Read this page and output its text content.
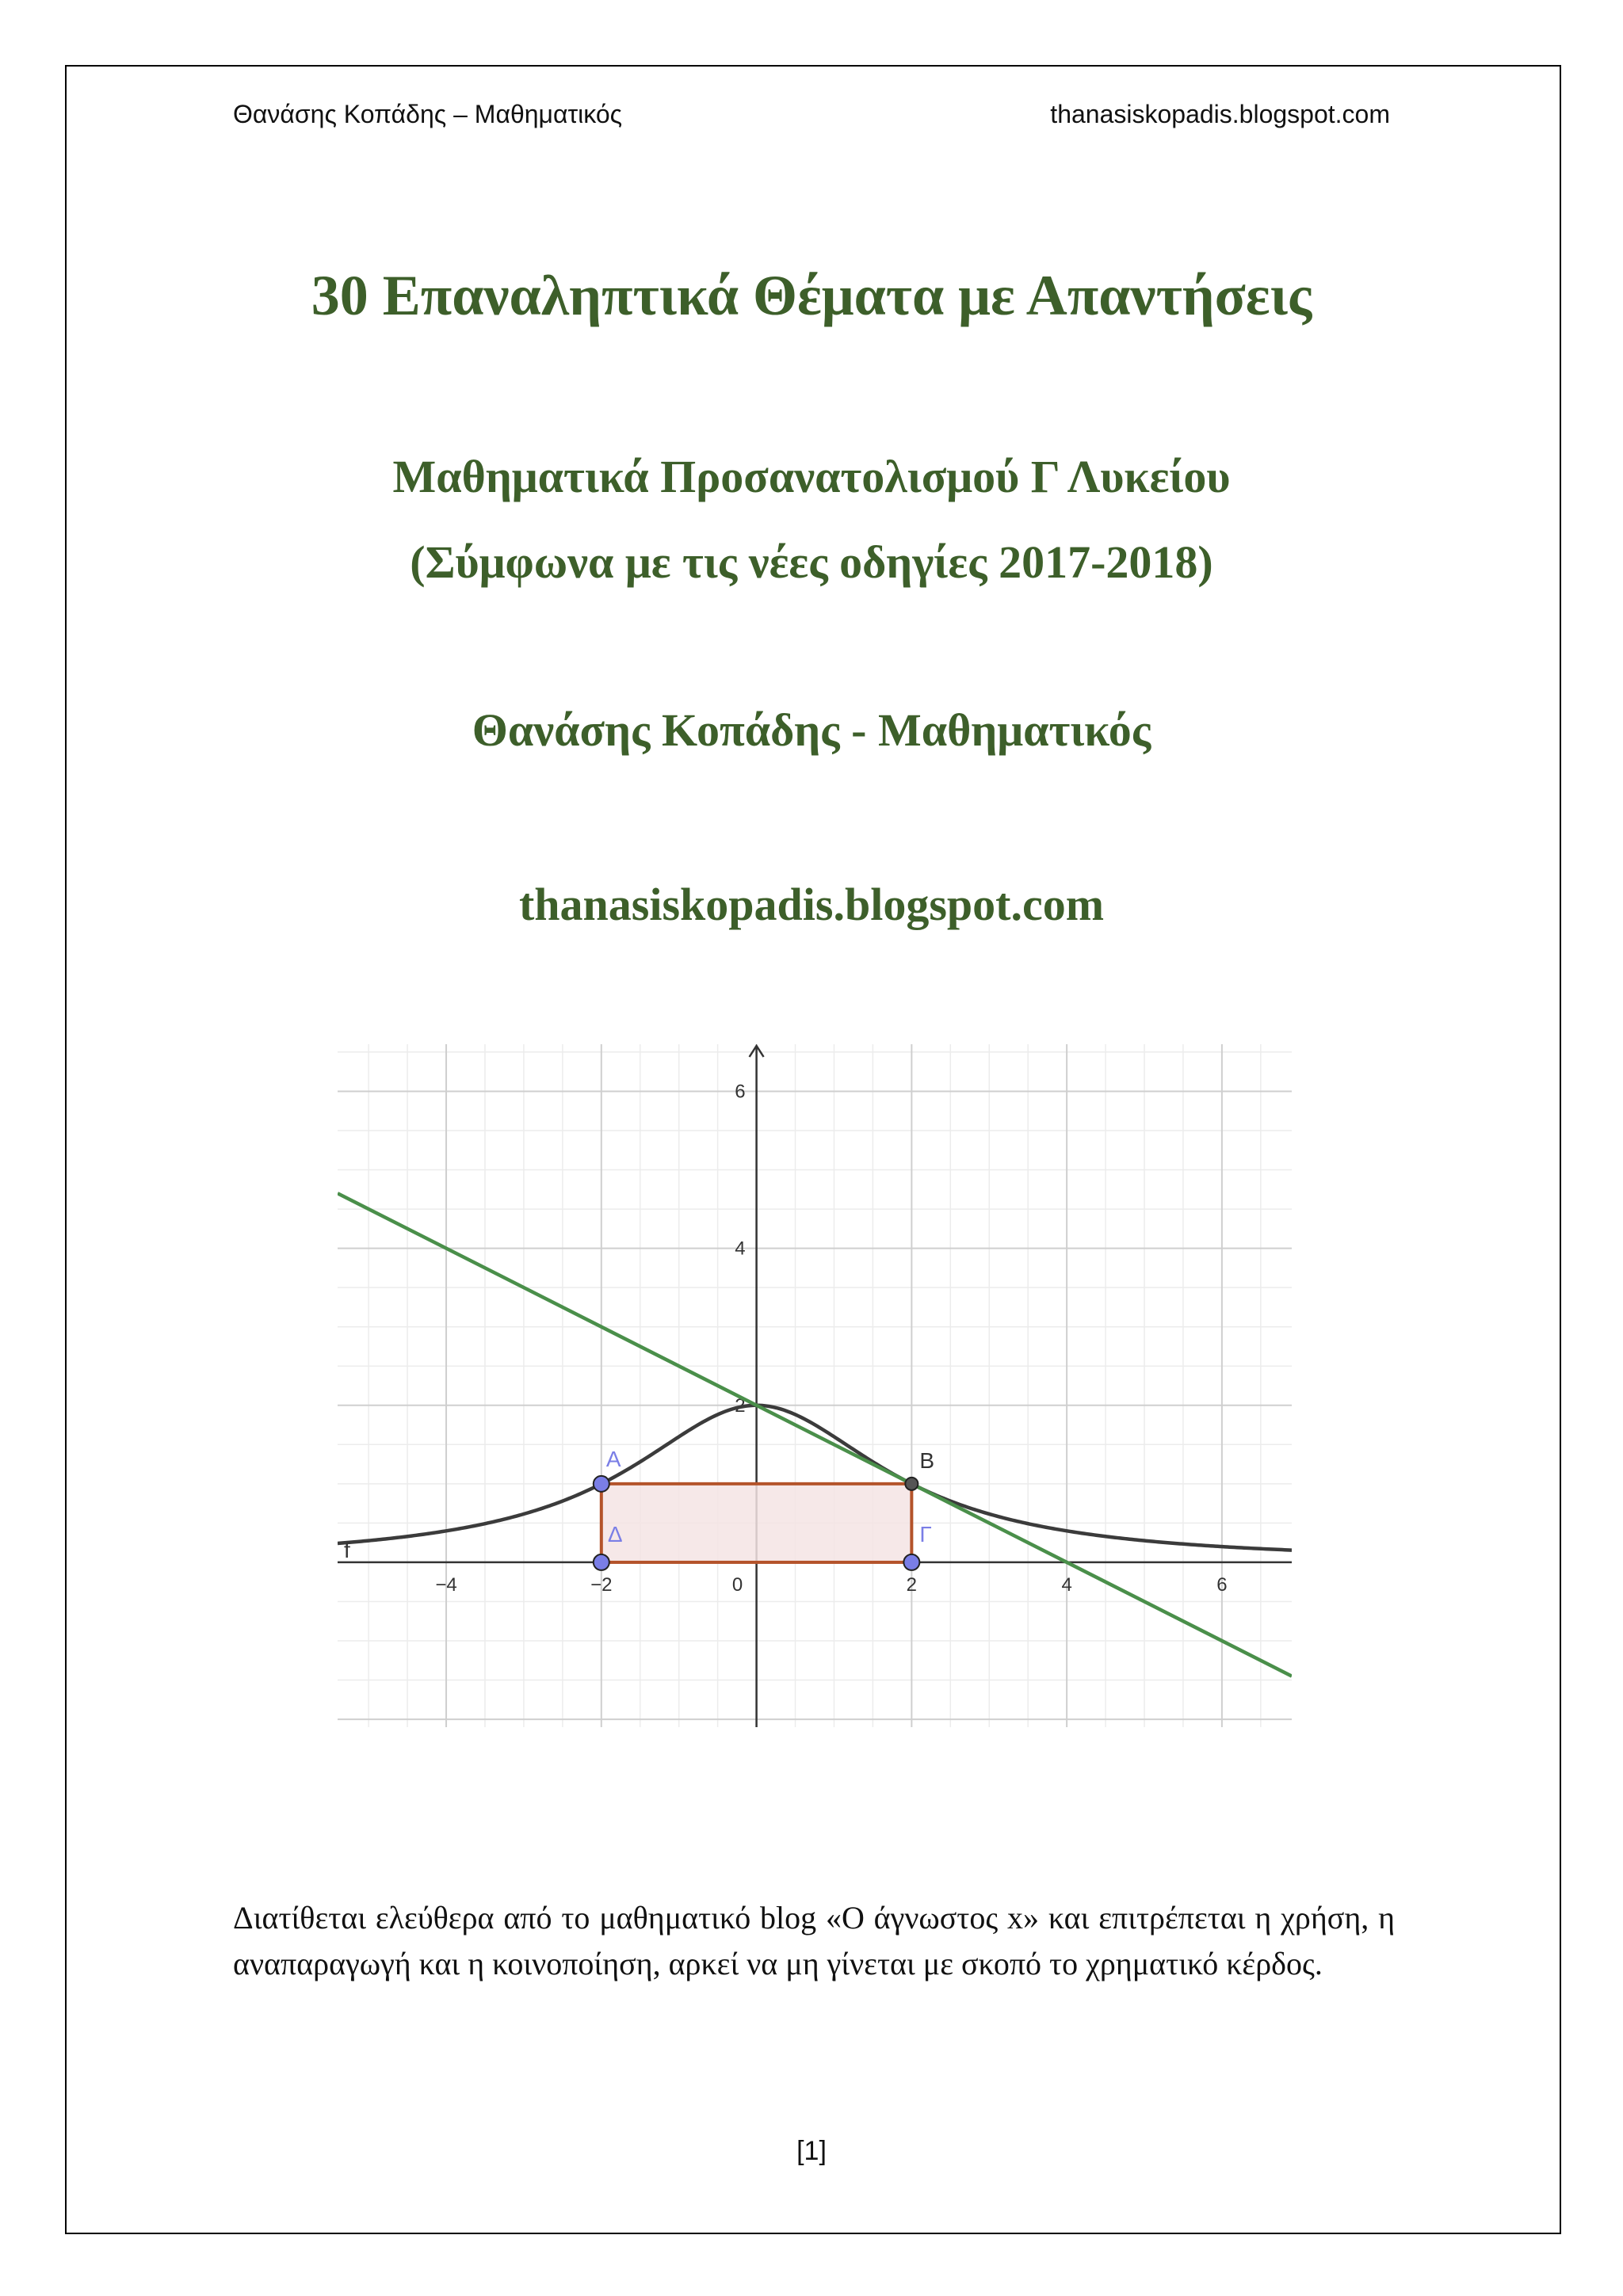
Θανάσης Κοπάδης – Μαθηματικός	thanasiskopadis.blogspot.com
30 Επαναληπτικά Θέματα με Απαντήσεις
Μαθηματικά Προσανατολισμού Γ Λυκείου
(Σύμφωνα με τις νέες οδηγίες 2017-2018)
Θανάσης Κοπάδης - Μαθηματικός
thanasiskopadis.blogspot.com
−4	−2	0	2	4	6
2
4
6
f
Α	Β
Γ
Δ
Διατίθεται ελεύθερα από το μαθηματικό blog «Ο άγνωστος x» και επιτρέπεται η χρήση, η αναπαραγωγή και η κοινοποίηση, αρκεί να μη γίνεται με σκοπό το χρηματικό κέρδος.
[1]
